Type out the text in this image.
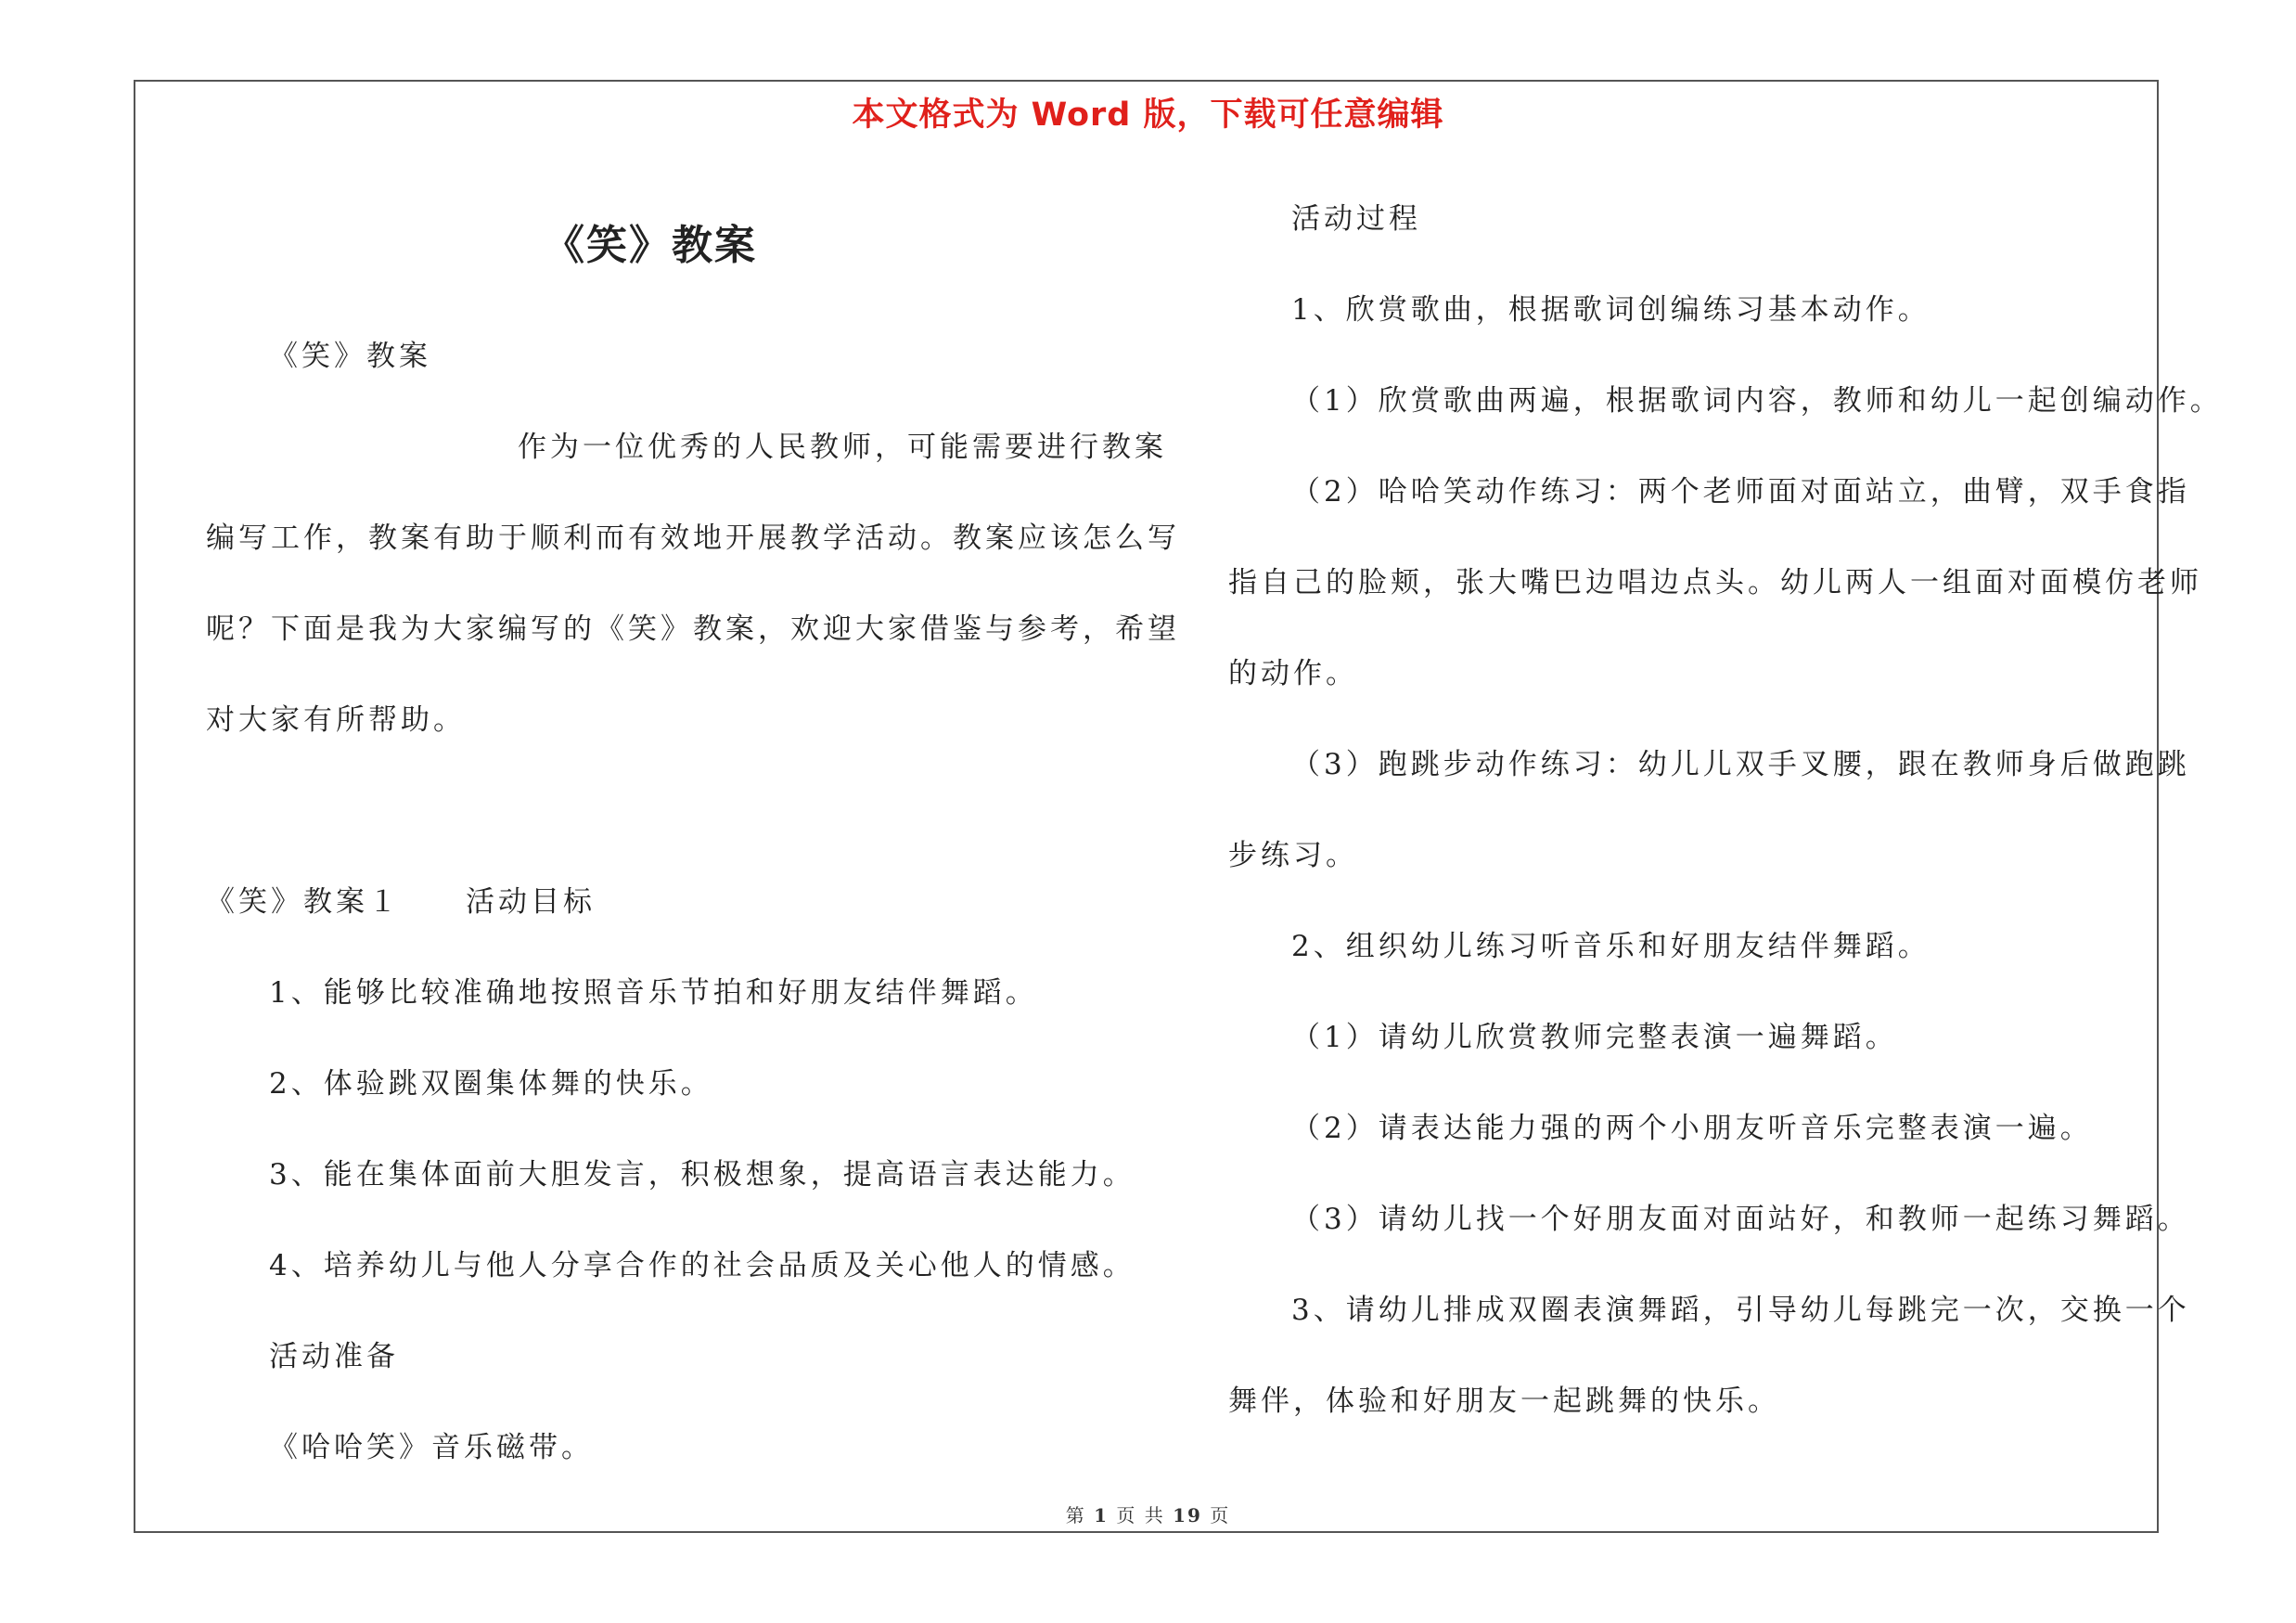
本文格式为 Word 版，下载可任意编辑
《笑》教案

《笑》教案

作为一位优秀的人民教师，可能需要进行教案

编写工作，教案有助于顺利而有效地开展教学活动。教案应该怎么写

呢？下面是我为大家编写的《笑》教案，欢迎大家借鉴与参考，希望

对大家有所帮助。

《笑》教案１　　活动目标

1、能够比较准确地按照音乐节拍和好朋友结伴舞蹈。

2、体验跳双圈集体舞的快乐。

3、能在集体面前大胆发言，积极想象，提高语言表达能力。

4、培养幼儿与他人分享合作的社会品质及关心他人的情感。

活动准备

《哈哈笑》音乐磁带。

活动过程

1、欣赏歌曲，根据歌词创编练习基本动作。

（1）欣赏歌曲两遍，根据歌词内容，教师和幼儿一起创编动作。

（2）哈哈笑动作练习：两个老师面对面站立，曲臂，双手食指

指自己的脸颊，张大嘴巴边唱边点头。幼儿两人一组面对面模仿老师

的动作。

（3）跑跳步动作练习：幼儿儿双手叉腰，跟在教师身后做跑跳

步练习。

2、组织幼儿练习听音乐和好朋友结伴舞蹈。

（1）请幼儿欣赏教师完整表演一遍舞蹈。

（2）请表达能力强的两个小朋友听音乐完整表演一遍。

（3）请幼儿找一个好朋友面对面站好，和教师一起练习舞蹈。

3、请幼儿排成双圈表演舞蹈，引导幼儿每跳完一次，交换一个

舞伴，体验和好朋友一起跳舞的快乐。

第 1 页 共 19 页
